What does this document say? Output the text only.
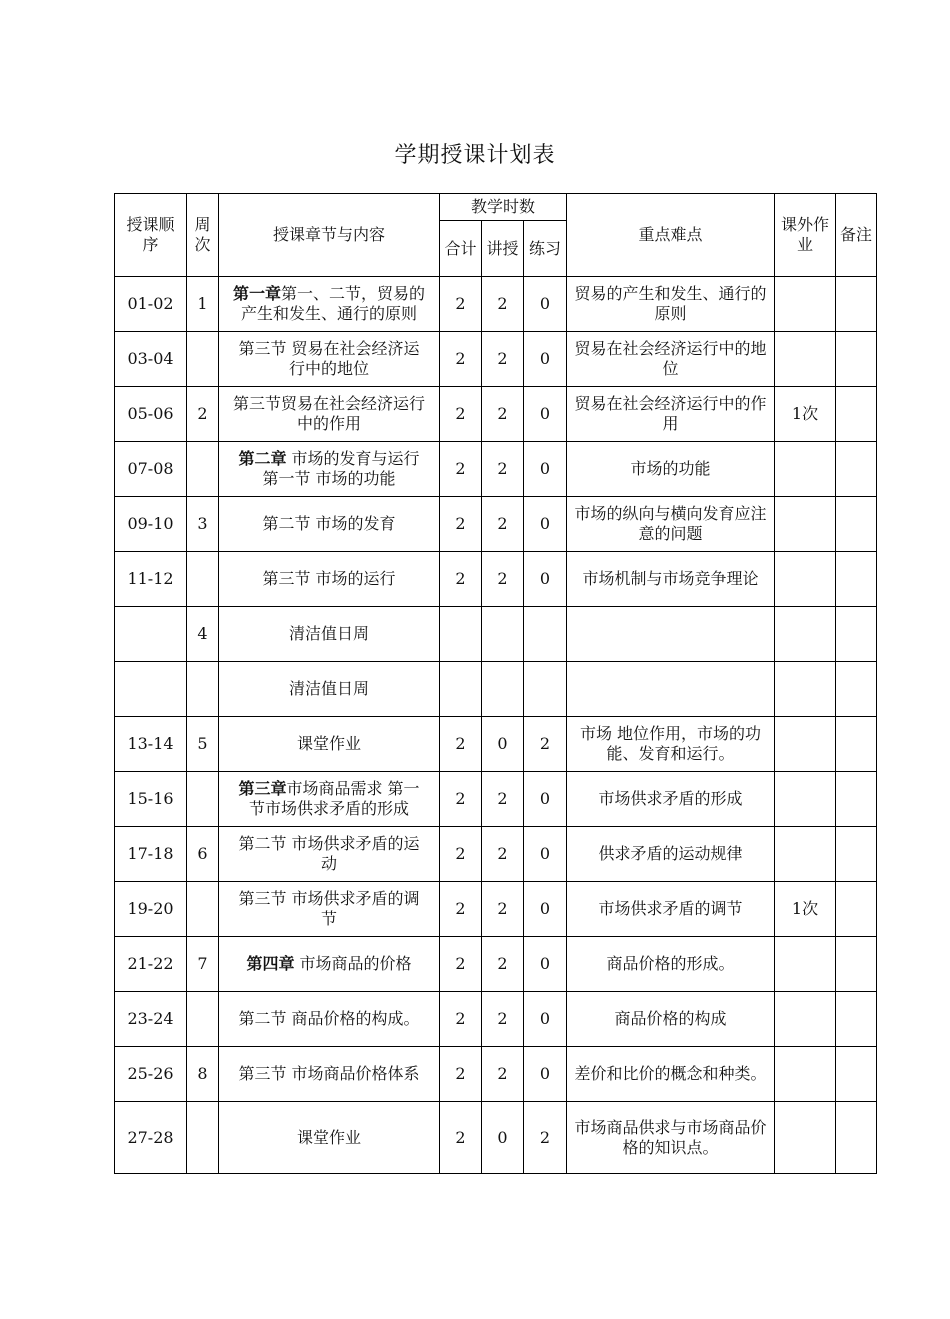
学期授课计划表
授课顺序	周次	授课章节与内容	教学时数			重点难点	课外作业	备注
			合计	讲授	练习			
01-02	1	第一章第一、二节，贸易的产生和发生、通行的原则	2	2	0	贸易的产生和发生、通行的原则		
03-04		第三节 贸易在社会经济运行中的地位	2	2	0	贸易在社会经济运行中的地位		
05-06	2	第三节贸易在社会经济运行中的作用	2	2	0	贸易在社会经济运行中的作用	1次	
07-08		第二章 市场的发育与运行第一节 市场的功能	2	2	0	市场的功能		
09-10	3	第二节 市场的发育	2	2	0	市场的纵向与横向发育应注意的问题		
11-12		第三节 市场的运行	2	2	0	市场机制与市场竞争理论		
	4	清洁值日周						

		清洁值日周						

13-14	5	课堂作业	2	0	2	市场 地位作用，市场的功能、发育和运行。		
15-16		第三章市场商品需求 第一节市场供求矛盾的形成	2	2	0	市场供求矛盾的形成		
17-18	6	第二节 市场供求矛盾的运动	2	2	0	供求矛盾的运动规律		
19-20		第三节 市场供求矛盾的调节	2	2	0	市场供求矛盾的调节	1次	
21-22	7	第四章 市场商品的价格	2	2	0	商品价格的形成。		
23-24		第二节 商品价格的构成。	2	2	0	商品价格的构成		
25-26	8	第三节 市场商品价格体系	2	2	0	差价和比价的概念和种类。		
27-28		课堂作业	2	0	2	市场商品供求与市场商品价格的知识点。		
